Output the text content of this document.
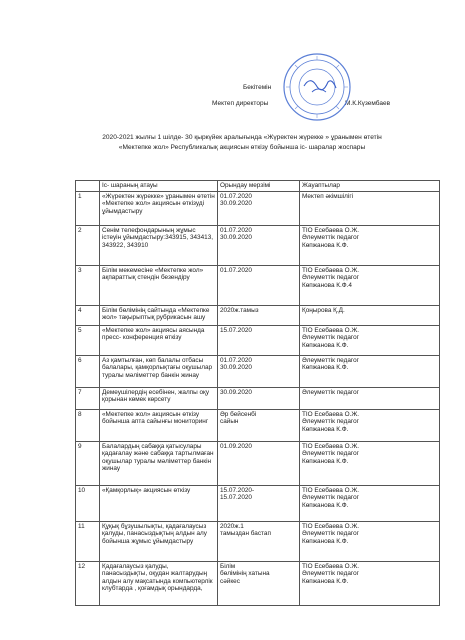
Бекітемін
Мектеп директоры	М.К.Күзембаев
2020-2021 жылғы 1 шілде- 30 қыркүйек аралығында «Жүректен жүрекке » ұранымен өтетін
«Мектепке жол» Республикалық акциясын өткізу бойынша іс- шаралар жоспары
	Іс- шараның атауы	Орындау мерзімі	Жауаптылар
1	«Жүректен жүрекке» ұранымен өтетін «Мектепке жол» акциясын өткізуді ұйымдастыру	01.07.2020
30.09.2020	Мектеп әкімшілігі

2	Сенім телефондарының жұмыс істеуін ұйымдастыру:343915, 343413, 343922, 343910	01.07.2020
30.09.2020	ТІО Есебаева О.Ж.
Әлеуметтік педагог
Көпжанова К.Ф.

3	Білім мекемесіне «Мектепке жол» ақпараттық стендін безендіру	01.07.2020	ТІО Есебаева О.Ж.
Әлеуметтік педагог
Көпжанова К.Ф.4

4	Білім бөлімінің сайтында «Мектепке жол» тақырыптық рубрикасын ашу	2020ж.тамыз	Қоңырова Қ.Д.

5	«Мектепке жол» акциясы аясында пресс- конференция өткізу	15.07.2020	ТІО Есебаева О.Ж.
Әлеуметтік педагог
Көпжанова К.Ф.

6	Аз қамтылған, көп балалы отбасы балалары, қамқорлықтағы оқушылар туралы мәліметтер банкін жинау	01.07.2020
30.09.2020	Әлеуметтік педагог
Көпжанова К.Ф.

7	Демеушілердің есебінен, жалпы оқу қорынан көмек көрсету	30.09.2020	Әлеуметтік педагог

8	«Мектепке жол» акциясын өткізу бойынша апта сайынғы мониторинг	Әр бейсенбі
сайын	ТІО Есебаева О.Ж.
Әлеуметтік педагог
Көпжанова К.Ф.

9	Балалардың сабаққа қатысулары қадағалау және сабаққа тартылмаған оқушылар туралы мәліметтер банкін жинау	01.09.2020	ТІО Есебаева О.Ж.
Әлеуметтік педагог
Көпжанова К.Ф.

10	«Қамқорлық» акциясын өткізу	15.07.2020-
15.07.2020	ТІО Есебаева О.Ж.
Әлеуметтік педагог
Көпжанова К.Ф.

11	Құқық бұзушылықты, қадағалаусыз қалуды, панасыздықтың алдын алу бойынша жұмыс ұйымдастыру	2020ж.1
тамыздан бастап	ТІО Есебаева О.Ж.
Әлеуметтік педагог
Көпжанова К.Ф.

12	Қадағалаусыз қалуды, панасыздықты, оқудан жалтарудың алдын алу мақсатында компьютерлік клубтарда , қоғамдық орындарда,	Білім
бөлімінің хатына
сәйкес	ТІО Есебаева О.Ж.
Әлеуметтік педагог
Көпжанова К.Ф.
